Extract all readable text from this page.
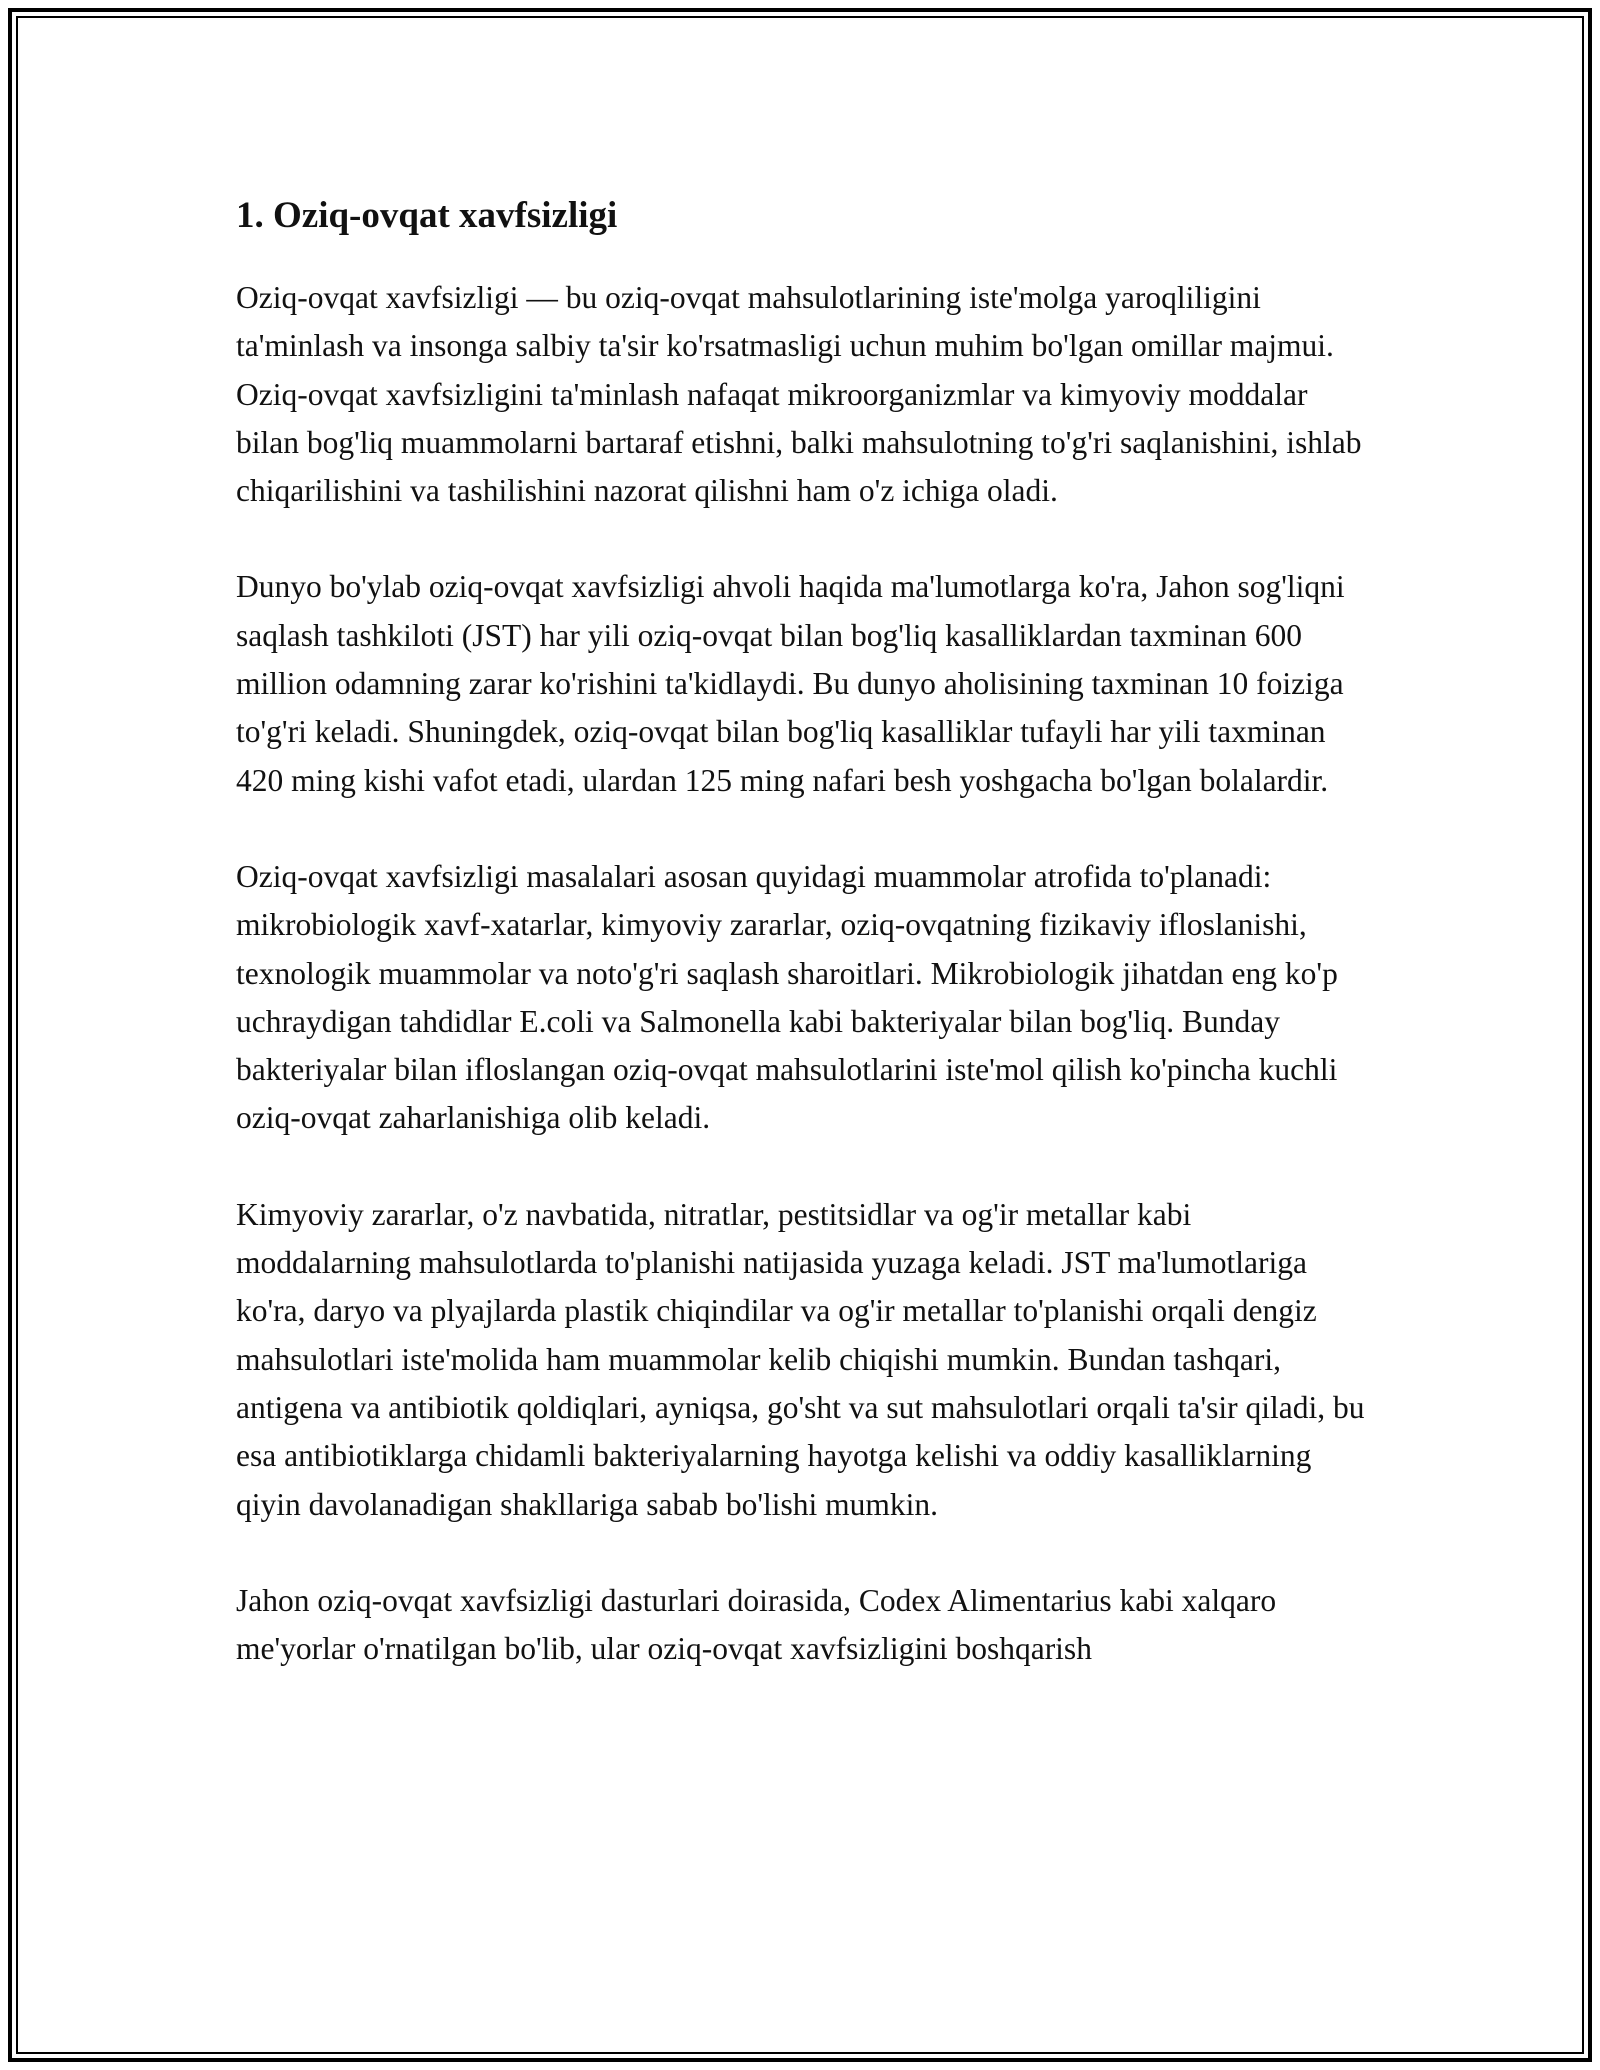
1. Oziq-ovqat xavfsizligi

Oziq-ovqat xavfsizligi — bu oziq-ovqat mahsulotlarining iste'molga yaroqliligini ta'minlash va insonga salbiy ta'sir ko'rsatmasligi uchun muhim bo'lgan omillar majmui. Oziq-ovqat xavfsizligini ta'minlash nafaqat mikroorganizmlar va kimyoviy moddalar bilan bog'liq muammolarni bartaraf etishni, balki mahsulotning to'g'ri saqlanishini, ishlab chiqarilishini va tashilishini nazorat qilishni ham o'z ichiga oladi.

Dunyo bo'ylab oziq-ovqat xavfsizligi ahvoli haqida ma'lumotlarga ko'ra, Jahon sog'liqni saqlash tashkiloti (JST) har yili oziq-ovqat bilan bog'liq kasalliklardan taxminan 600 million odamning zarar ko'rishini ta'kidlaydi. Bu dunyo aholisining taxminan 10 foiziga to'g'ri keladi. Shuningdek, oziq-ovqat bilan bog'liq kasalliklar tufayli har yili taxminan 420 ming kishi vafot etadi, ulardan 125 ming nafari besh yoshgacha bo'lgan bolalardir.

Oziq-ovqat xavfsizligi masalalari asosan quyidagi muammolar atrofida to'planadi: mikrobiologik xavf-xatarlar, kimyoviy zararlar, oziq-ovqatning fizikaviy ifloslanishi, texnologik muammolar va noto'g'ri saqlash sharoitlari. Mikrobiologik jihatdan eng ko'p uchraydigan tahdidlar E.coli va Salmonella kabi bakteriyalar bilan bog'liq. Bunday bakteriyalar bilan ifloslangan oziq-ovqat mahsulotlarini iste'mol qilish ko'pincha kuchli oziq-ovqat zaharlanishiga olib keladi.

Kimyoviy zararlar, o'z navbatida, nitratlar, pestitsidlar va og'ir metallar kabi moddalarning mahsulotlarda to'planishi natijasida yuzaga keladi. JST ma'lumotlariga ko'ra, daryo va plyajlarda plastik chiqindilar va og'ir metallar to'planishi orqali dengiz mahsulotlari iste'molida ham muammolar kelib chiqishi mumkin. Bundan tashqari, antigena va antibiotik qoldiqlari, ayniqsa, go'sht va sut mahsulotlari orqali ta'sir qiladi, bu esa antibiotiklarga chidamli bakteriyalarning hayotga kelishi va oddiy kasalliklarning qiyin davolanadigan shakllariga sabab bo'lishi mumkin.

Jahon oziq-ovqat xavfsizligi dasturlari doirasida, Codex Alimentarius kabi xalqaro me'yorlar o'rnatilgan bo'lib, ular oziq-ovqat xavfsizligini boshqarish
